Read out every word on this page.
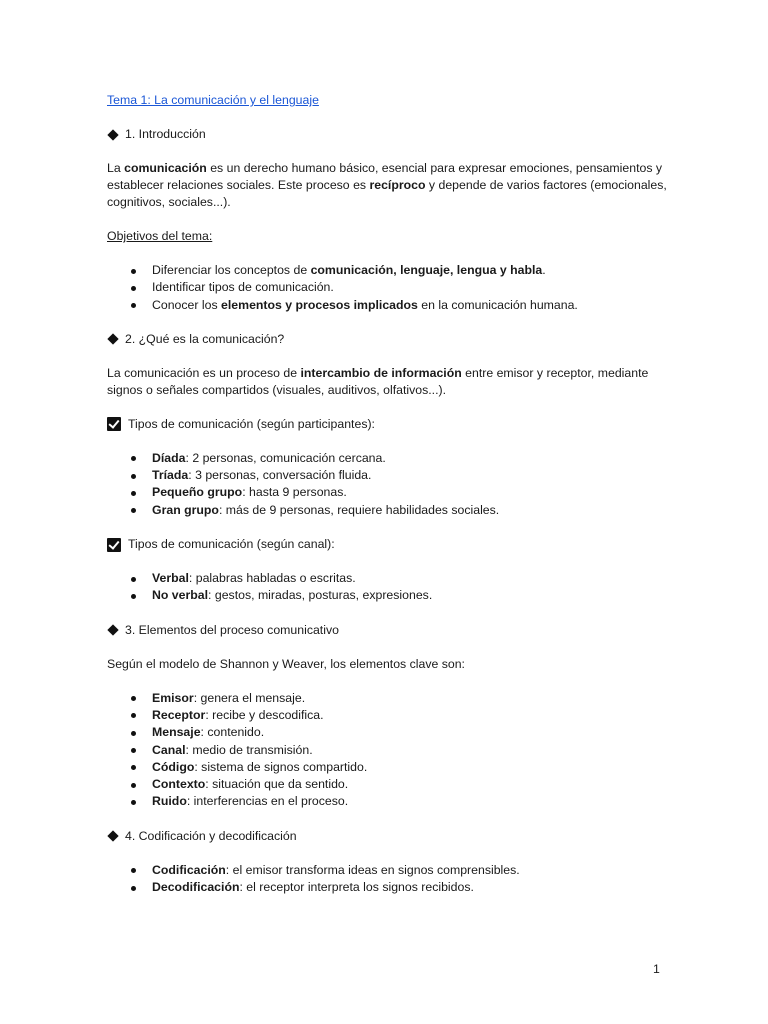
Tema 1: La comunicación y el lenguaje
1. Introducción

La comunicación es un derecho humano básico, esencial para expresar emociones, pensamientos y establecer relaciones sociales. Este proceso es recíproco y depende de varios factores (emocionales, cognitivos, sociales...).

Objetivos del tema:

Diferenciar los conceptos de comunicación, lenguaje, lengua y habla.
Identificar tipos de comunicación.
Conocer los elementos y procesos implicados en la comunicación humana.
2. ¿Qué es la comunicación?

La comunicación es un proceso de intercambio de información entre emisor y receptor, mediante signos o señales compartidos (visuales, auditivos, olfativos...).

Tipos de comunicación (según participantes):
Díada: 2 personas, comunicación cercana.
Tríada: 3 personas, conversación fluida.
Pequeño grupo: hasta 9 personas.
Gran grupo: más de 9 personas, requiere habilidades sociales.
Tipos de comunicación (según canal):
Verbal: palabras habladas o escritas.
No verbal: gestos, miradas, posturas, expresiones.
3. Elementos del proceso comunicativo

Según el modelo de Shannon y Weaver, los elementos clave son:

Emisor: genera el mensaje.
Receptor: recibe y descodifica.
Mensaje: contenido.
Canal: medio de transmisión.
Código: sistema de signos compartido.
Contexto: situación que da sentido.
Ruido: interferencias en el proceso.
4. Codificación y decodificación
Codificación: el emisor transforma ideas en signos comprensibles.
Decodificación: el receptor interpreta los signos recibidos.
1
